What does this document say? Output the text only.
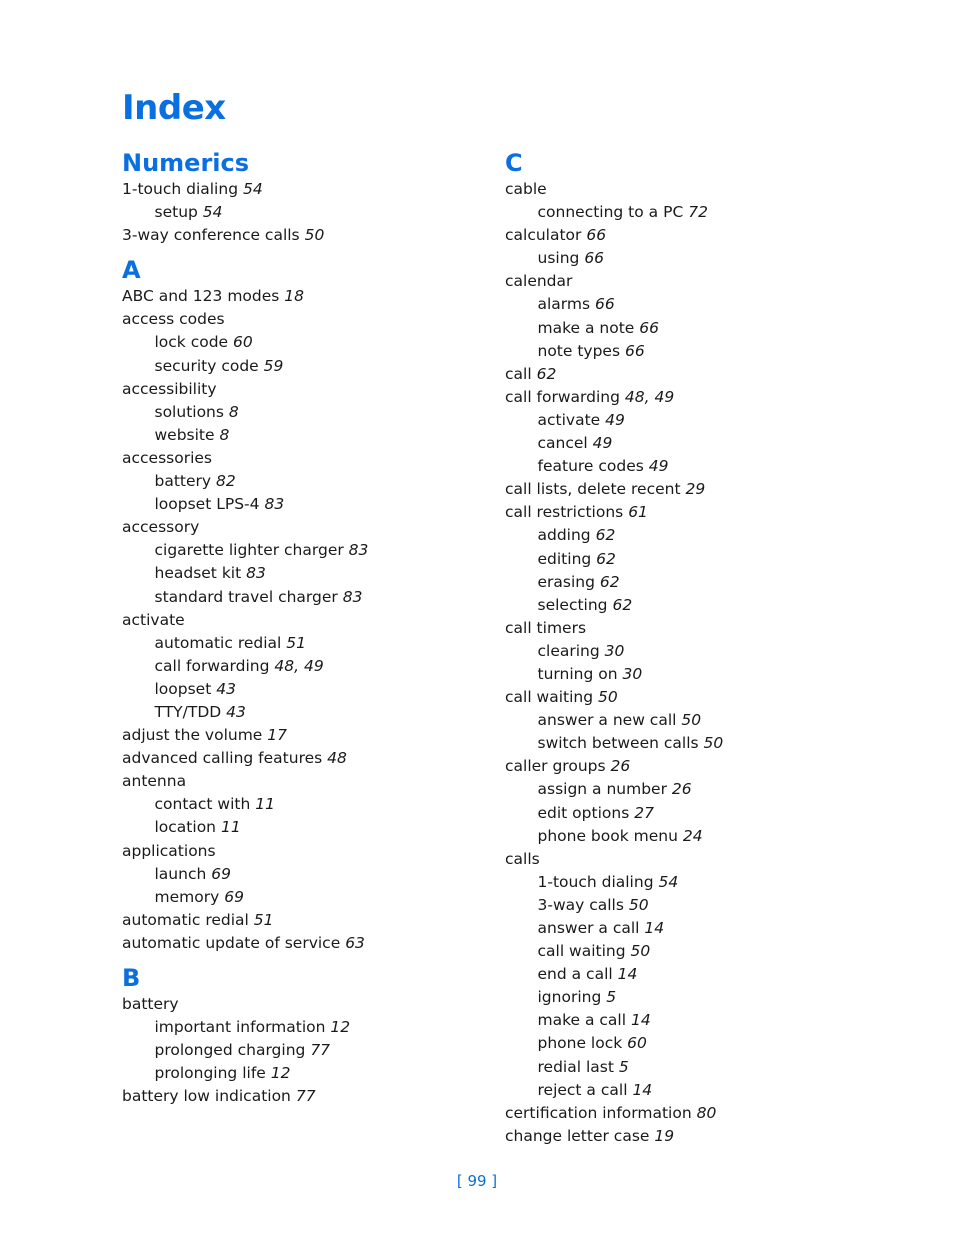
Index
Numerics
1-touch dialing 54
setup 54
3-way conference calls 50
A
ABC and 123 modes 18
access codes
lock code 60
security code 59
accessibility
solutions 8
website 8
accessories
battery 82
loopset LPS-4 83
accessory
cigarette lighter charger 83
headset kit 83
standard travel charger 83
activate
automatic redial 51
call forwarding 48, 49
loopset 43
TTY/TDD 43
adjust the volume 17
advanced calling features 48
antenna
contact with 11
location 11
applications
launch 69
memory 69
automatic redial 51
automatic update of service 63
B
battery
important information 12
prolonged charging 77
prolonging life 12
battery low indication 77
C
cable
connecting to a PC 72
calculator 66
using 66
calendar
alarms 66
make a note 66
note types 66
call 62
call forwarding 48, 49
activate 49
cancel 49
feature codes 49
call lists, delete recent 29
call restrictions 61
adding 62
editing 62
erasing 62
selecting 62
call timers
clearing 30
turning on 30
call waiting 50
answer a new call 50
switch between calls 50
caller groups 26
assign a number 26
edit options 27
phone book menu 24
calls
1-touch dialing 54
3-way calls 50
answer a call 14
call waiting 50
end a call 14
ignoring 5
make a call 14
phone lock 60
redial last 5
reject a call 14
certification information 80
change letter case 19
[ 99 ]
